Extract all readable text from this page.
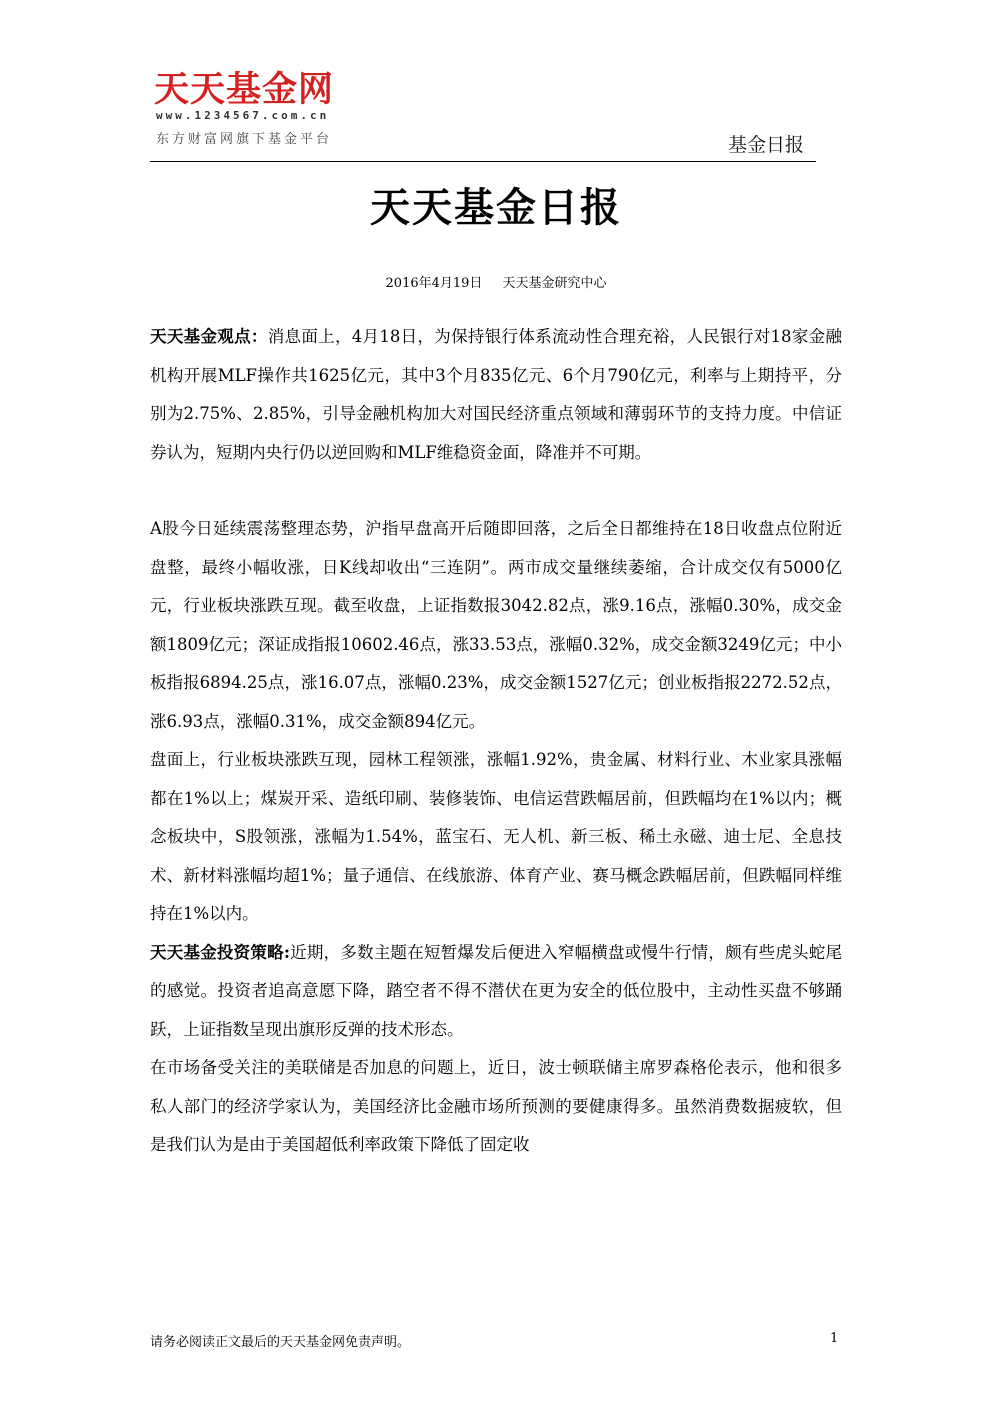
天天基金网
www.1234567.com.cn
东方财富网旗下基金平台	基金日报
天天基金日报
2016年4月19日 天天基金研究中心

天天基金观点：消息面上，4月18日，为保持银行体系流动性合理充裕，人民银行对18家金融机构开展MLF操作共1625亿元，其中3个月835亿元、6个月790亿元，利率与上期持平，分别为2.75%、2.85%，引导金融机构加大对国民经济重点领域和薄弱环节的支持力度。中信证券认为，短期内央行仍以逆回购和MLF维稳资金面，降准并不可期。

A股今日延续震荡整理态势，沪指早盘高开后随即回落，之后全日都维持在18日收盘点位附近盘整，最终小幅收涨，日K线却收出“三连阴”。两市成交量继续萎缩，合计成交仅有5000亿元，行业板块涨跌互现。截至收盘，上证指数报3042.82点，涨9.16点，涨幅0.30%，成交金额1809亿元；深证成指报10602.46点，涨33.53点，涨幅0.32%，成交金额3249亿元；中小板指报6894.25点，涨16.07点，涨幅0.23%，成交金额1527亿元；创业板指报2272.52点，涨6.93点，涨幅0.31%，成交金额894亿元。

盘面上，行业板块涨跌互现，园林工程领涨，涨幅1.92%，贵金属、材料行业、木业家具涨幅都在1%以上；煤炭开采、造纸印刷、装修装饰、电信运营跌幅居前，但跌幅均在1%以内；概念板块中，S股领涨，涨幅为1.54%，蓝宝石、无人机、新三板、稀土永磁、迪士尼、全息技术、新材料涨幅均超1%；量子通信、在线旅游、体育产业、赛马概念跌幅居前，但跌幅同样维持在1%以内。

天天基金投资策略:近期，多数主题在短暂爆发后便进入窄幅横盘或慢牛行情，颇有些虎头蛇尾的感觉。投资者追高意愿下降，踏空者不得不潜伏在更为安全的低位股中，主动性买盘不够踊跃，上证指数呈现出旗形反弹的技术形态。

在市场备受关注的美联储是否加息的问题上，近日，波士顿联储主席罗森格伦表示，他和很多私人部门的经济学家认为，美国经济比金融市场所预测的要健康得多。虽然消费数据疲软，但是我们认为是由于美国超低利率政策下降低了固定收

请务必阅读正文最后的天天基金网免责声明。	1
